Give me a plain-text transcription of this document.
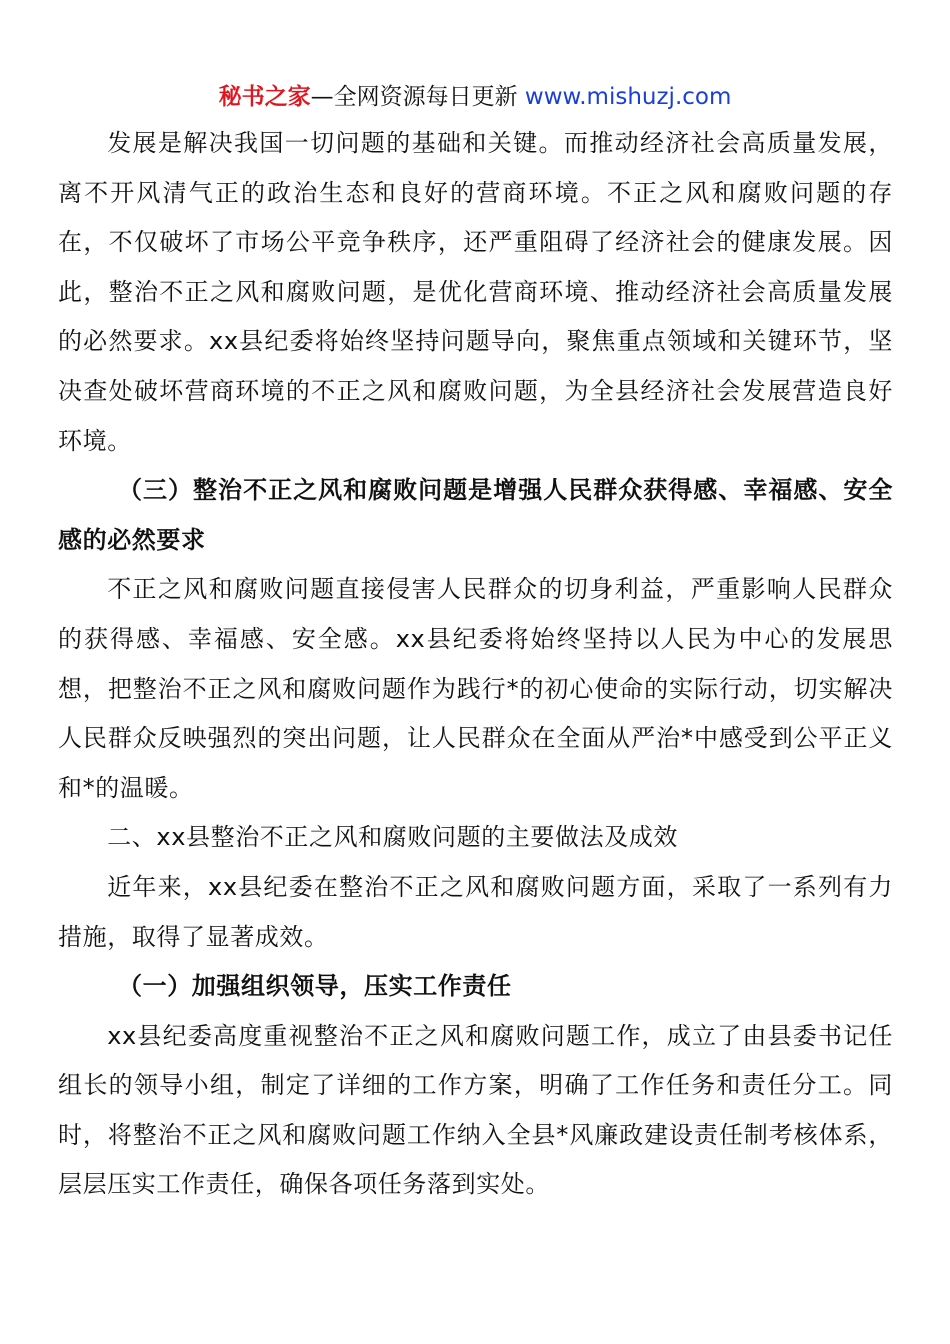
秘书之家—全网资源每日更新 www.mishuzj.com

发展是解决我国一切问题的基础和关键。而推动经济社会高质量发展，离不开风清气正的政治生态和良好的营商环境。不正之风和腐败问题的存在，不仅破坏了市场公平竞争秩序，还严重阻碍了经济社会的健康发展。因此，整治不正之风和腐败问题，是优化营商环境、推动经济社会高质量发展的必然要求。xx县纪委将始终坚持问题导向，聚焦重点领域和关键环节，坚决查处破坏营商环境的不正之风和腐败问题，为全县经济社会发展营造良好环境。

（三）整治不正之风和腐败问题是增强人民群众获得感、幸福感、安全感的必然要求

不正之风和腐败问题直接侵害人民群众的切身利益，严重影响人民群众的获得感、幸福感、安全感。xx县纪委将始终坚持以人民为中心的发展思想，把整治不正之风和腐败问题作为践行*的初心使命的实际行动，切实解决人民群众反映强烈的突出问题，让人民群众在全面从严治*中感受到公平正义和*的温暖。

二、xx县整治不正之风和腐败问题的主要做法及成效

近年来，xx县纪委在整治不正之风和腐败问题方面，采取了一系列有力措施，取得了显著成效。

（一）加强组织领导，压实工作责任

xx县纪委高度重视整治不正之风和腐败问题工作，成立了由县委书记任组长的领导小组，制定了详细的工作方案，明确了工作任务和责任分工。同时，将整治不正之风和腐败问题工作纳入全县*风廉政建设责任制考核体系，层层压实工作责任，确保各项任务落到实处。
